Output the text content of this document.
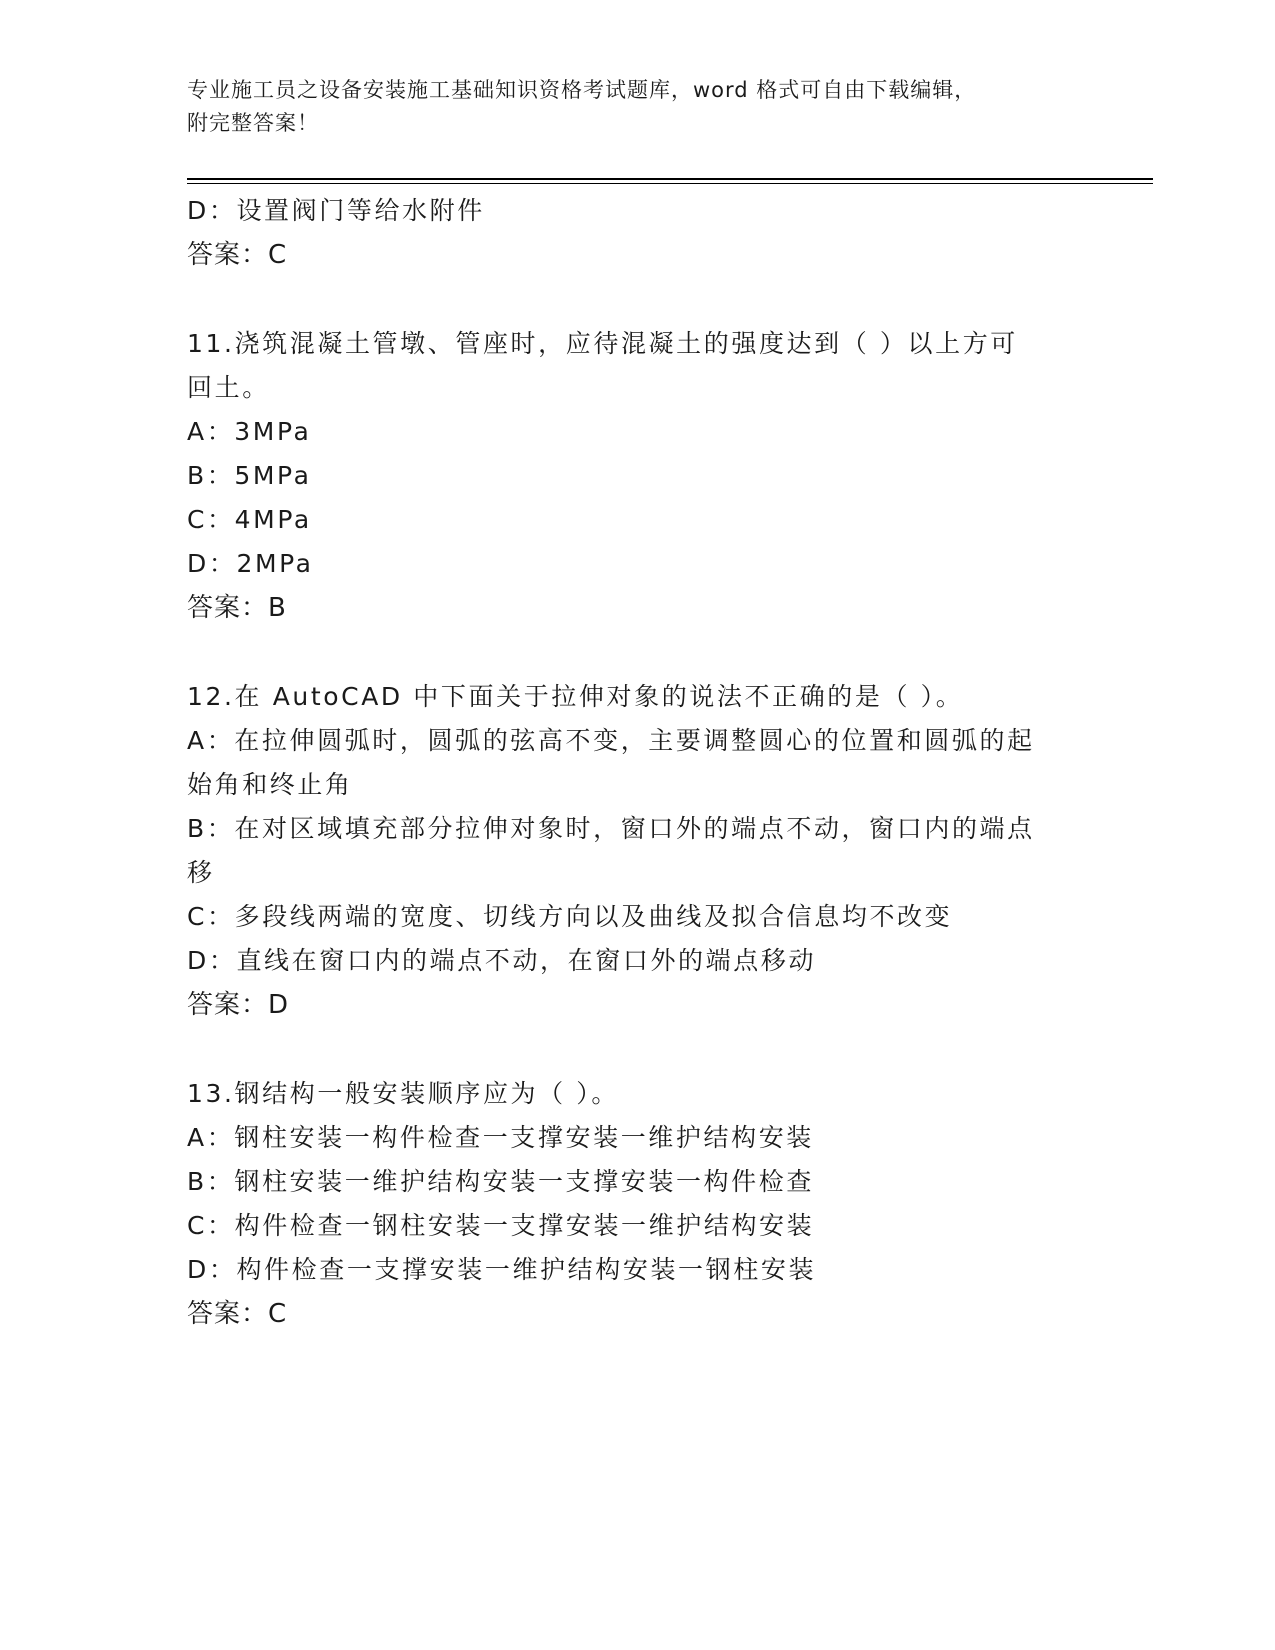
专业施工员之设备安装施工基础知识资格考试题库，word 格式可自由下载编辑，
附完整答案！
D：设置阀门等给水附件
答案：C
11.浇筑混凝土管墩、管座时，应待混凝土的强度达到（ ）以上方可
回土。
A：3MPa
B：5MPa
C：4MPa
D：2MPa
答案：B
12.在 AutoCAD 中下面关于拉伸对象的说法不正确的是（ ）。
A：在拉伸圆弧时，圆弧的弦高不变，主要调整圆心的位置和圆弧的起
始角和终止角
B：在对区域填充部分拉伸对象时，窗口外的端点不动，窗口内的端点
移
C：多段线两端的宽度、切线方向以及曲线及拟合信息均不改变
D：直线在窗口内的端点不动，在窗口外的端点移动
答案：D
13.钢结构一般安装顺序应为（ ）。
A：钢柱安装一构件检查一支撑安装一维护结构安装
B：钢柱安装一维护结构安装一支撑安装一构件检查
C：构件检查一钢柱安装一支撑安装一维护结构安装
D：构件检查一支撑安装一维护结构安装一钢柱安装
答案：C
